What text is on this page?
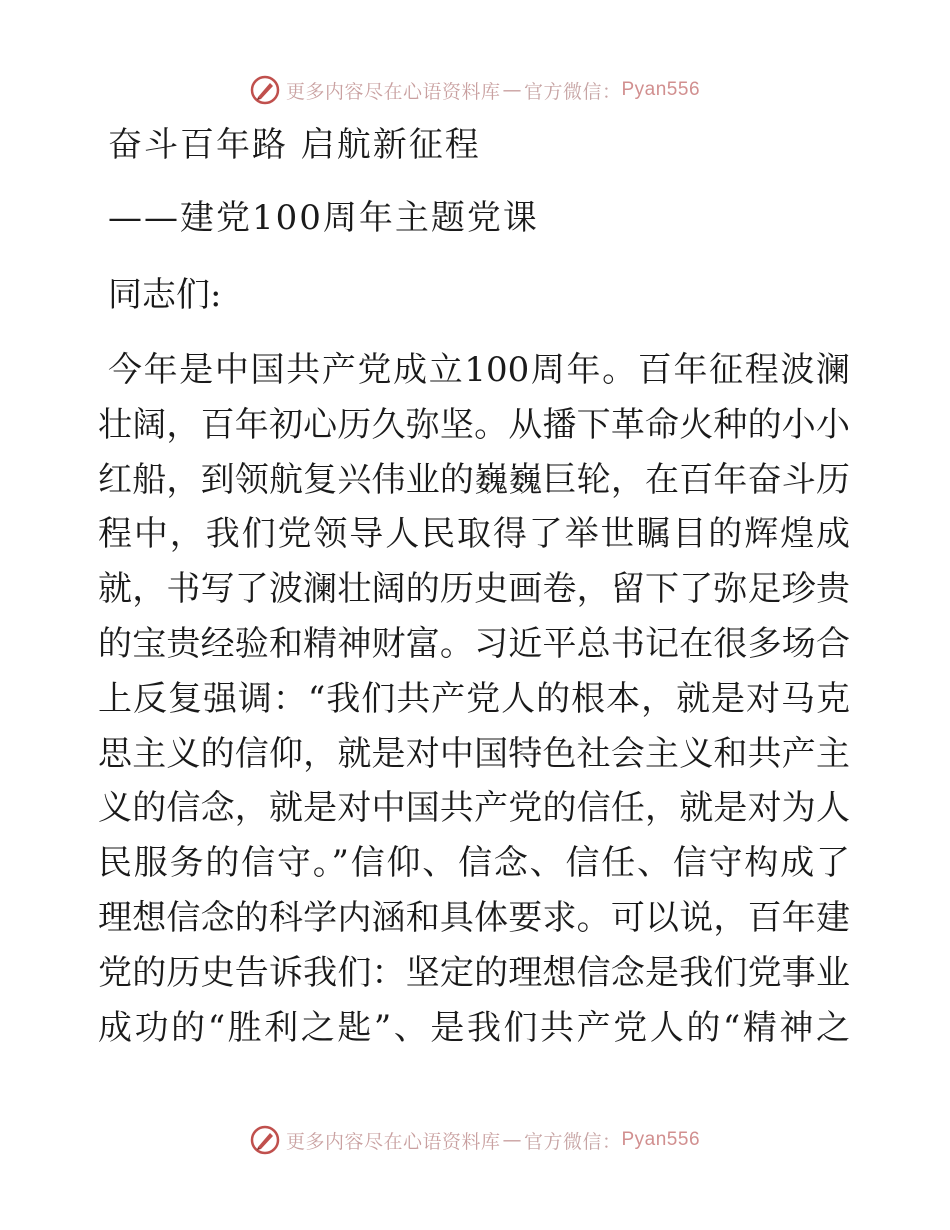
更多内容尽在心语资料库 — 官方微信： Pyan556
奋斗百年路 启航新征程
——建党100周年主题党课
同志们:
今年是中国共产党成立100周年。百年征程波澜
壮阔，百年初心历久弥坚。从播下革命火种的小小
红船，到领航复兴伟业的巍巍巨轮，在百年奋斗历
程中，我们党领导人民取得了举世瞩目的辉煌成
就，书写了波澜壮阔的历史画卷，留下了弥足珍贵
的宝贵经验和精神财富。习近平总书记在很多场合
上反复强调：“我们共产党人的根本，就是对马克
思主义的信仰，就是对中国特色社会主义和共产主
义的信念，就是对中国共产党的信任，就是对为人
民服务的信守。”信仰、信念、信任、信守构成了
理想信念的科学内涵和具体要求。可以说，百年建
党的历史告诉我们：坚定的理想信念是我们党事业
成功的“胜利之匙”、是我们共产党人的“精神之
更多内容尽在心语资料库 — 官方微信： Pyan556
